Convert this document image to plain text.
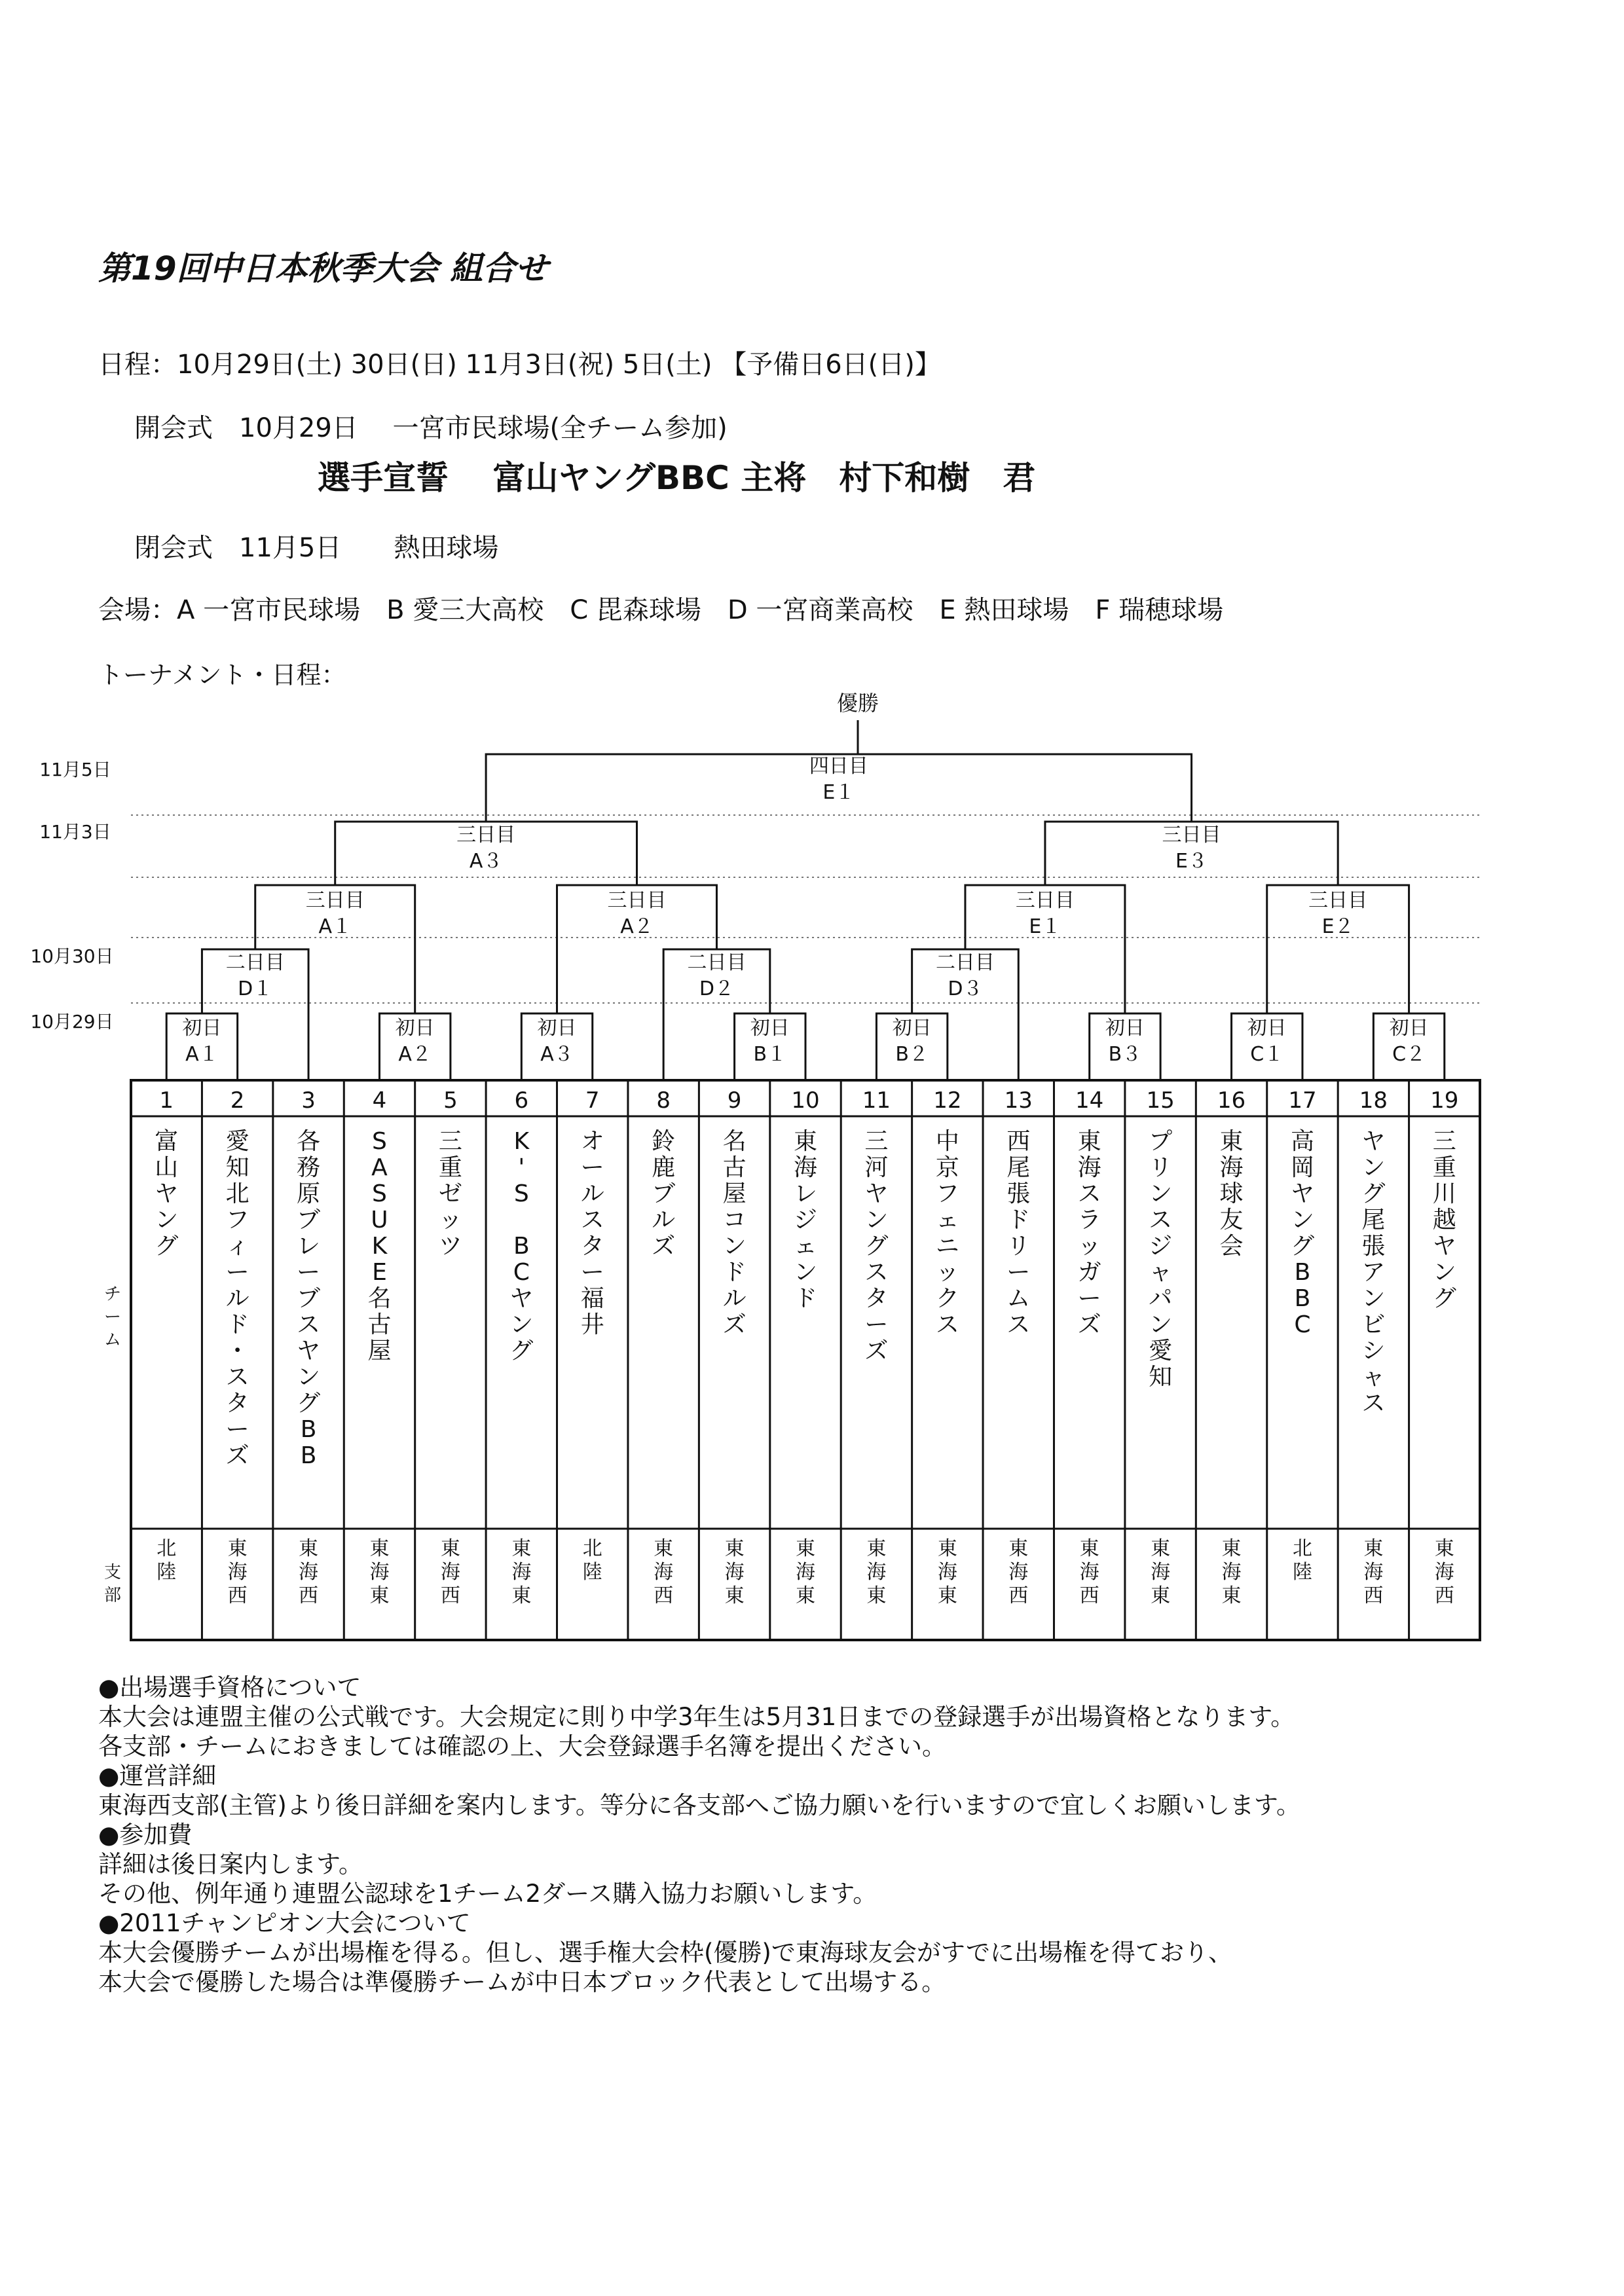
第19回中日本秋季大会 組合せ
日程：10月29日(土) 30日(日) 11月3日(祝) 5日(土) 【予備日6日(日)】
開会式　10月29日　 一宮市民球場(全チーム参加)
選手宣誓　 富山ヤングBBC 主将　村下和樹　君
閉会式　11月5日　　熱田球場
会場：A 一宮市民球場　B 愛三大高校　C 毘森球場　D 一宮商業高校　E 熱田球場　F 瑞穂球場
トーナメント・日程：
11月5日
11月3日
10月30日
10月29日
優勝
初日
A１
初日
A２
初日
A３
初日
B１
初日
B２
初日
B３
初日
C１
初日
C２
二日目
D１
二日目
D２
二日目
D３
三日目
A１
三日目
A２
三日目
E１
三日目
E２
三日目
A３
三日目
E３
四日目
E１
チ
ー
ム
支
部
1
富
山
ヤ
ン
グ
北
陸
2
愛
知
北
フ
ィ
ー
ル
ド
・
ス
タ
ー
ズ
東
海
西
3
各
務
原
ブ
レ
ー
ブ
ス
ヤ
ン
グ
B
B
東
海
西
4
S
A
S
U
K
E
名
古
屋
東
海
東
5
三
重
ゼ
ッ
ツ
東
海
西
6
K
'
S
B
C
ヤ
ン
グ
東
海
東
7
オ
ー
ル
ス
タ
ー
福
井
北
陸
8
鈴
鹿
ブ
ル
ズ
東
海
西
9
名
古
屋
コ
ン
ド
ル
ズ
東
海
東
10
東
海
レ
ジ
ェ
ン
ド
東
海
東
11
三
河
ヤ
ン
グ
ス
タ
ー
ズ
東
海
東
12
中
京
フ
ェ
ニ
ッ
ク
ス
東
海
東
13
西
尾
張
ド
リ
ー
ム
ス
東
海
西
14
東
海
ス
ラ
ッ
ガ
ー
ズ
東
海
西
15
プ
リ
ン
ス
ジ
ャ
パ
ン
愛
知
東
海
東
16
東
海
球
友
会
東
海
東
17
高
岡
ヤ
ン
グ
B
B
C
北
陸
18
ヤ
ン
グ
尾
張
ア
ン
ビ
シ
ャ
ス
東
海
西
19
三
重
川
越
ヤ
ン
グ
東
海
西
●出場選手資格について
本大会は連盟主催の公式戦です。大会規定に則り中学3年生は5月31日までの登録選手が出場資格となります。
各支部・チームにおきましては確認の上、大会登録選手名簿を提出ください。
●運営詳細
東海西支部(主管)より後日詳細を案内します。等分に各支部へご協力願いを行いますので宜しくお願いします。
●参加費
詳細は後日案内します。
その他、例年通り連盟公認球を1チーム2ダース購入協力お願いします。
●2011チャンピオン大会について
本大会優勝チームが出場権を得る。但し、選手権大会枠(優勝)で東海球友会がすでに出場権を得ており、
本大会で優勝した場合は準優勝チームが中日本ブロック代表として出場する。
